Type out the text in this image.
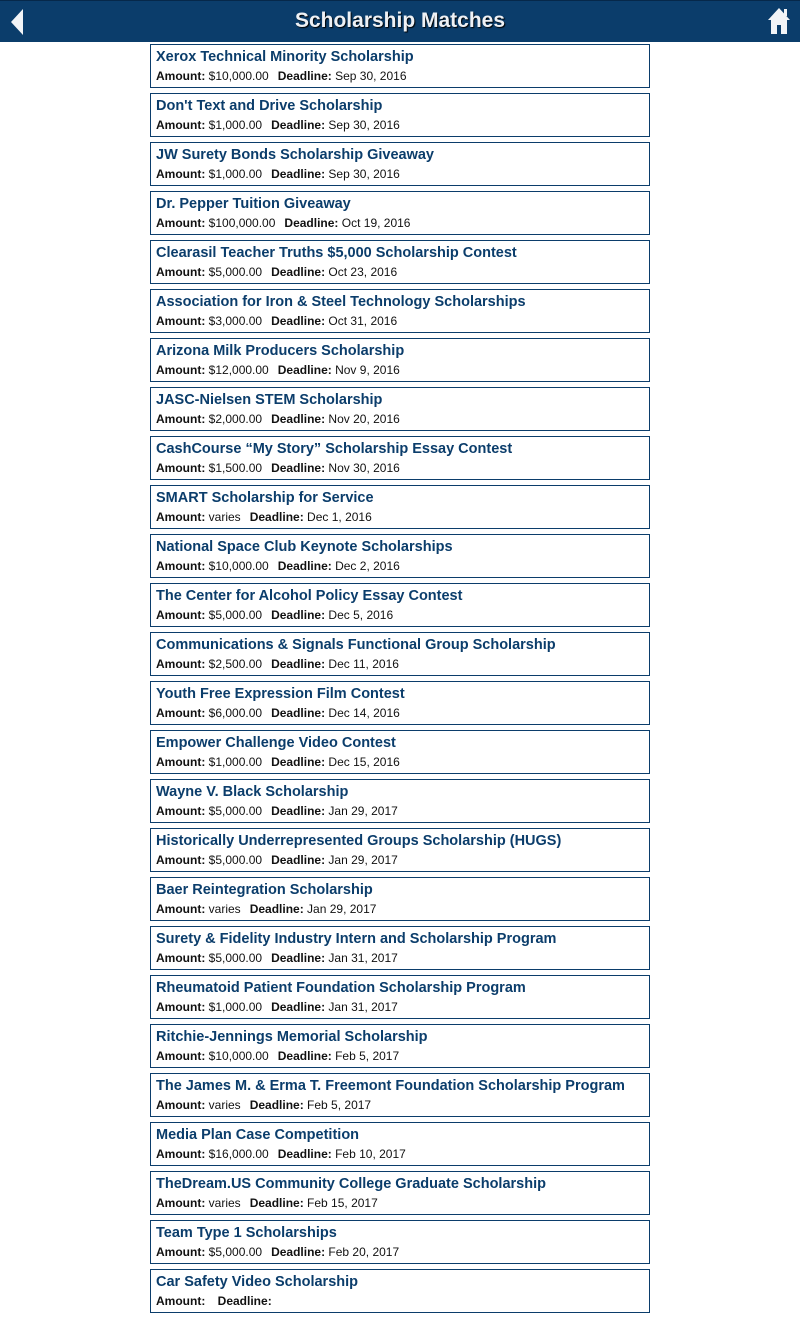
Scholarship Matches
Xerox Technical Minority Scholarship
Amount: $10,000.00 Deadline: Sep 30, 2016
Don't Text and Drive Scholarship
Amount: $1,000.00 Deadline: Sep 30, 2016
JW Surety Bonds Scholarship Giveaway
Amount: $1,000.00 Deadline: Sep 30, 2016
Dr. Pepper Tuition Giveaway
Amount: $100,000.00 Deadline: Oct 19, 2016
Clearasil Teacher Truths $5,000 Scholarship Contest
Amount: $5,000.00 Deadline: Oct 23, 2016
Association for Iron & Steel Technology Scholarships
Amount: $3,000.00 Deadline: Oct 31, 2016
Arizona Milk Producers Scholarship
Amount: $12,000.00 Deadline: Nov 9, 2016
JASC-Nielsen STEM Scholarship
Amount: $2,000.00 Deadline: Nov 20, 2016
CashCourse “My Story” Scholarship Essay Contest
Amount: $1,500.00 Deadline: Nov 30, 2016
SMART Scholarship for Service
Amount: varies Deadline: Dec 1, 2016
National Space Club Keynote Scholarships
Amount: $10,000.00 Deadline: Dec 2, 2016
The Center for Alcohol Policy Essay Contest
Amount: $5,000.00 Deadline: Dec 5, 2016
Communications & Signals Functional Group Scholarship
Amount: $2,500.00 Deadline: Dec 11, 2016
Youth Free Expression Film Contest
Amount: $6,000.00 Deadline: Dec 14, 2016
Empower Challenge Video Contest
Amount: $1,000.00 Deadline: Dec 15, 2016
Wayne V. Black Scholarship
Amount: $5,000.00 Deadline: Jan 29, 2017
Historically Underrepresented Groups Scholarship (HUGS)
Amount: $5,000.00 Deadline: Jan 29, 2017
Baer Reintegration Scholarship
Amount: varies Deadline: Jan 29, 2017
Surety & Fidelity Industry Intern and Scholarship Program
Amount: $5,000.00 Deadline: Jan 31, 2017
Rheumatoid Patient Foundation Scholarship Program
Amount: $1,000.00 Deadline: Jan 31, 2017
Ritchie-Jennings Memorial Scholarship
Amount: $10,000.00 Deadline: Feb 5, 2017
The James M. & Erma T. Freemont Foundation Scholarship Program
Amount: varies Deadline: Feb 5, 2017
Media Plan Case Competition
Amount: $16,000.00 Deadline: Feb 10, 2017
TheDream.US Community College Graduate Scholarship
Amount: varies Deadline: Feb 15, 2017
Team Type 1 Scholarships
Amount: $5,000.00 Deadline: Feb 20, 2017
Car Safety Video Scholarship
Amount: Deadline:
